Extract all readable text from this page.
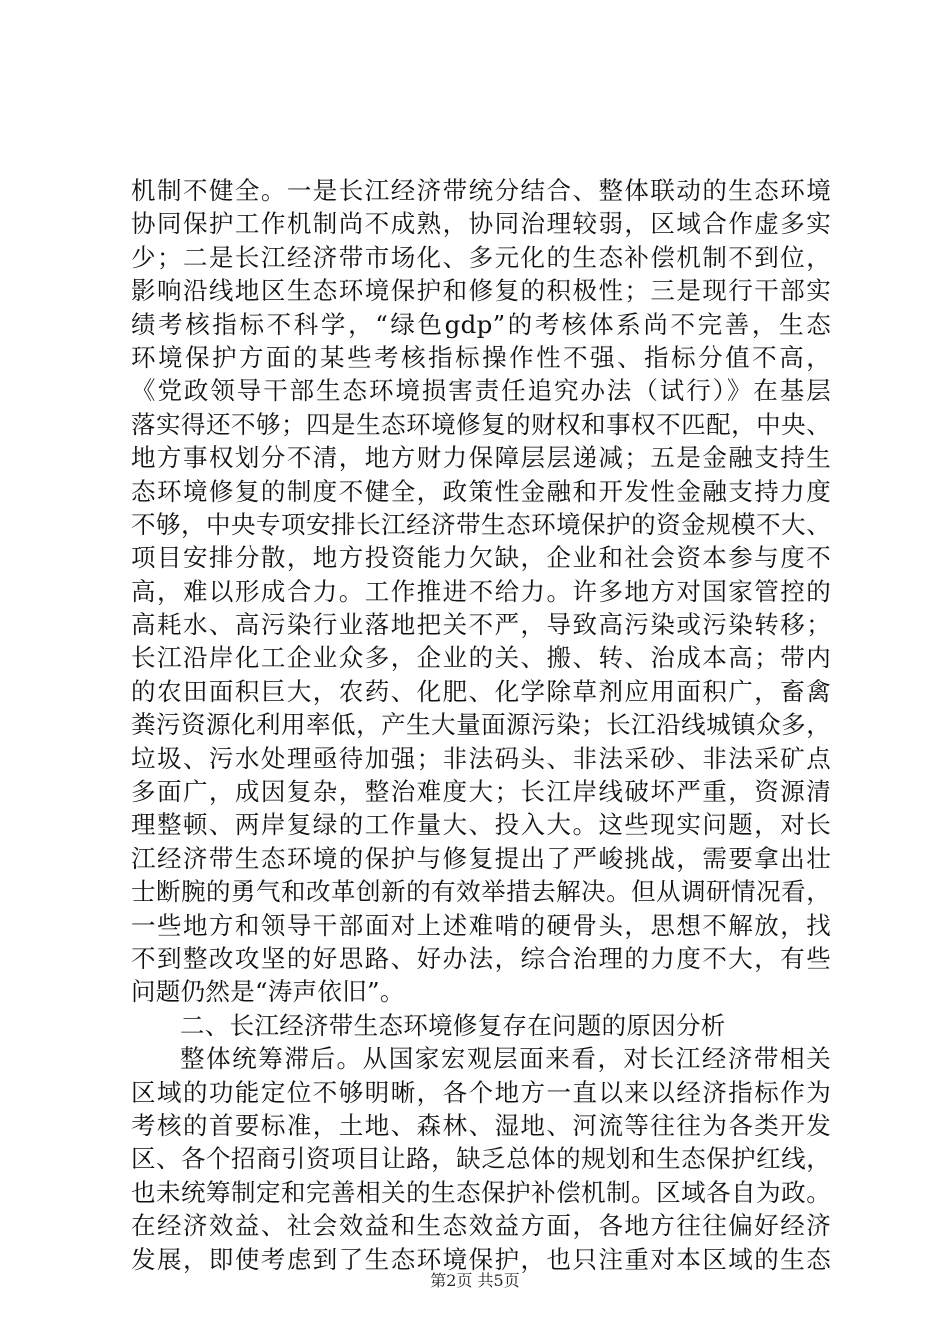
机制不健全。一是长江经济带统分结合、整体联动的生态环境
协同保护工作机制尚不成熟，协同治理较弱，区域合作虚多实
少；二是长江经济带市场化、多元化的生态补偿机制不到位，
影响沿线地区生态环境保护和修复的积极性；三是现行干部实
绩考核指标不科学，“绿色gdp”的考核体系尚不完善，生态
环境保护方面的某些考核指标操作性不强、指标分值不高，
《党政领导干部生态环境损害责任追究办法（试行）》在基层
落实得还不够；四是生态环境修复的财权和事权不匹配，中央、
地方事权划分不清，地方财力保障层层递减；五是金融支持生
态环境修复的制度不健全，政策性金融和开发性金融支持力度
不够，中央专项安排长江经济带生态环境保护的资金规模不大、
项目安排分散，地方投资能力欠缺，企业和社会资本参与度不
高，难以形成合力。工作推进不给力。许多地方对国家管控的
高耗水、高污染行业落地把关不严，导致高污染或污染转移；
长江沿岸化工企业众多，企业的关、搬、转、治成本高；带内
的农田面积巨大，农药、化肥、化学除草剂应用面积广，畜禽
粪污资源化利用率低，产生大量面源污染；长江沿线城镇众多，
垃圾、污水处理亟待加强；非法码头、非法采砂、非法采矿点
多面广，成因复杂，整治难度大；长江岸线破坏严重，资源清
理整顿、两岸复绿的工作量大、投入大。这些现实问题，对长
江经济带生态环境的保护与修复提出了严峻挑战，需要拿出壮
士断腕的勇气和改革创新的有效举措去解决。但从调研情况看，
一些地方和领导干部面对上述难啃的硬骨头，思想不解放，找
不到整改攻坚的好思路、好办法，综合治理的力度不大，有些
问题仍然是“涛声依旧”。
二、长江经济带生态环境修复存在问题的原因分析
整体统筹滞后。从国家宏观层面来看，对长江经济带相关
区域的功能定位不够明晰，各个地方一直以来以经济指标作为
考核的首要标准，土地、森林、湿地、河流等往往为各类开发
区、各个招商引资项目让路，缺乏总体的规划和生态保护红线，
也未统筹制定和完善相关的生态保护补偿机制。区域各自为政。
在经济效益、社会效益和生态效益方面，各地方往往偏好经济
发展，即使考虑到了生态环境保护，也只注重对本区域的生态
第2页 共5页
